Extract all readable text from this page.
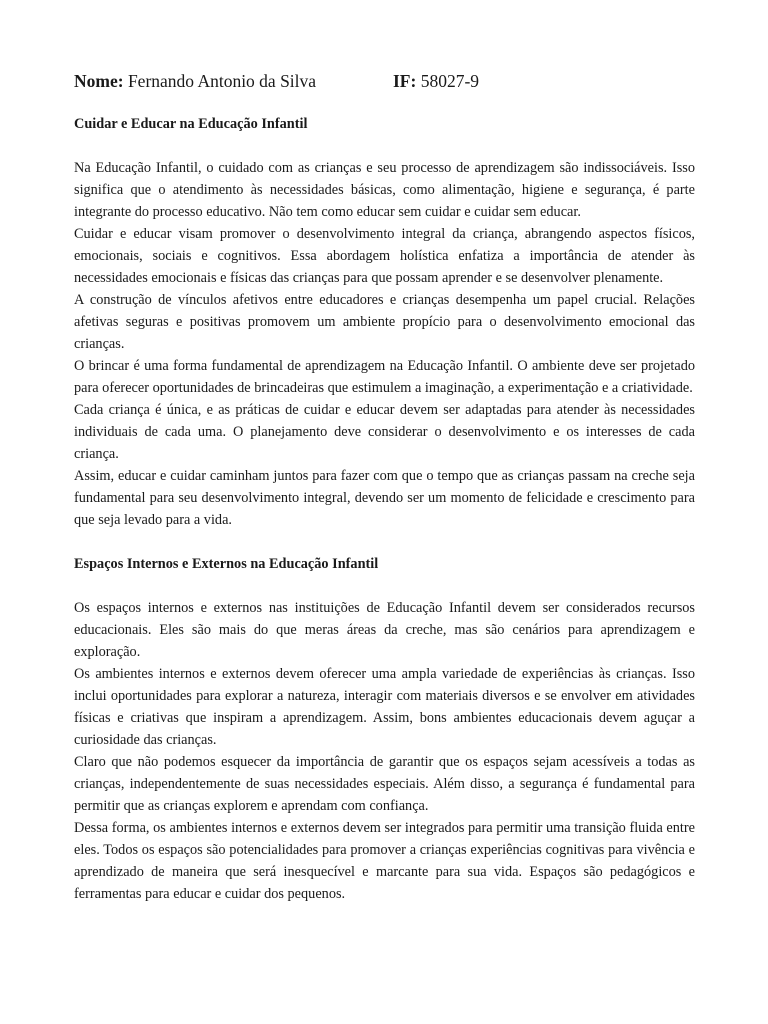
Nome: Fernando Antonio da Silva	IF: 58027-9
Cuidar e Educar na Educação Infantil

Na Educação Infantil, o cuidado com as crianças e seu processo de aprendizagem são indissociáveis. Isso significa que o atendimento às necessidades básicas, como alimentação, higiene e segurança, é parte integrante do processo educativo. Não tem como educar sem cuidar e cuidar sem educar.

Cuidar e educar visam promover o desenvolvimento integral da criança, abrangendo aspectos físicos, emocionais, sociais e cognitivos. Essa abordagem holística enfatiza a importância de atender às necessidades emocionais e físicas das crianças para que possam aprender e se desenvolver plenamente.

A construção de vínculos afetivos entre educadores e crianças desempenha um papel crucial. Relações afetivas seguras e positivas promovem um ambiente propício para o desenvolvimento emocional das crianças.

O brincar é uma forma fundamental de aprendizagem na Educação Infantil. O ambiente deve ser projetado para oferecer oportunidades de brincadeiras que estimulem a imaginação, a experimentação e a criatividade.

Cada criança é única, e as práticas de cuidar e educar devem ser adaptadas para atender às necessidades individuais de cada uma. O planejamento deve considerar o desenvolvimento e os interesses de cada criança.

Assim, educar e cuidar caminham juntos para fazer com que o tempo que as crianças passam na creche seja fundamental para seu desenvolvimento integral, devendo ser um momento de felicidade e crescimento para que seja levado para a vida.

Espaços Internos e Externos na Educação Infantil

Os espaços internos e externos nas instituições de Educação Infantil devem ser considerados recursos educacionais. Eles são mais do que meras áreas da creche, mas são cenários para aprendizagem e exploração.

Os ambientes internos e externos devem oferecer uma ampla variedade de experiências às crianças. Isso inclui oportunidades para explorar a natureza, interagir com materiais diversos e se envolver em atividades físicas e criativas que inspiram a aprendizagem. Assim, bons ambientes educacionais devem aguçar a curiosidade das crianças.

Claro que não podemos esquecer da importância de garantir que os espaços sejam acessíveis a todas as crianças, independentemente de suas necessidades especiais. Além disso, a segurança é fundamental para permitir que as crianças explorem e aprendam com confiança.

Dessa forma, os ambientes internos e externos devem ser integrados para permitir uma transição fluida entre eles. Todos os espaços são potencialidades para promover a crianças experiências cognitivas para vivência e aprendizado de maneira que será inesquecível e marcante para sua vida. Espaços são pedagógicos e ferramentas para educar e cuidar dos pequenos.
